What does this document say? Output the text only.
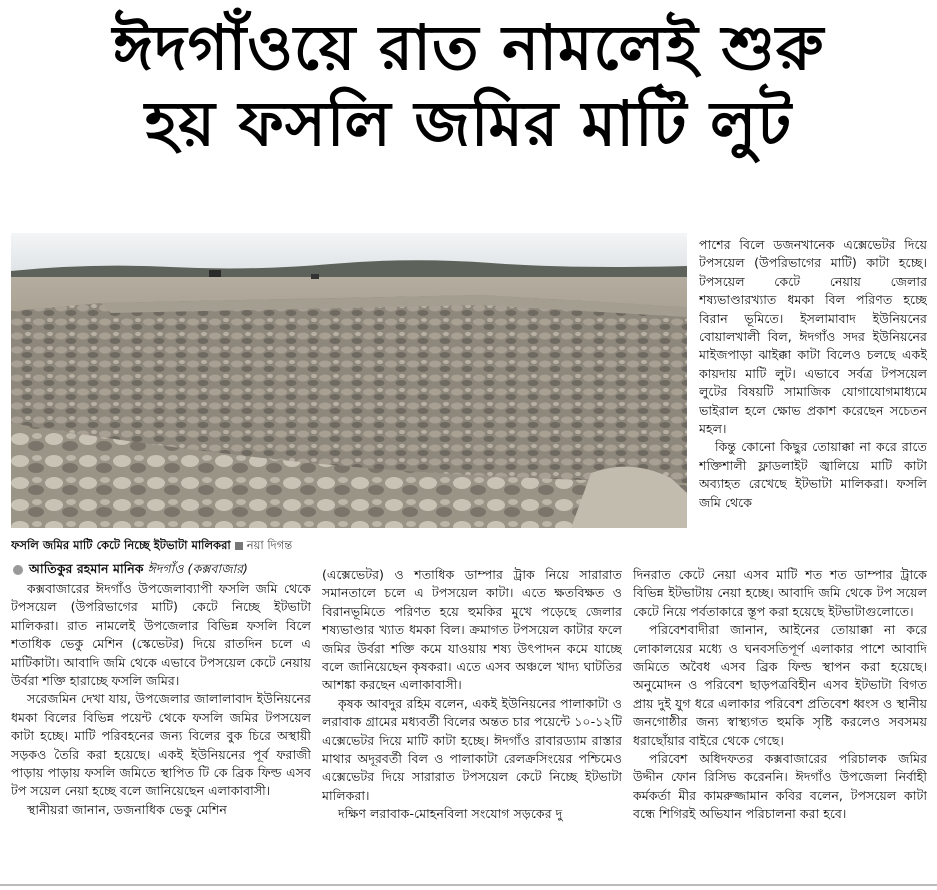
ঈদগাঁওয়ে রাত নামলেই শুরু
হয় ফসলি জমির মাটি লুট
ফসলি জমির মাটি কেটে নিচ্ছে ইটভাটা মালিকরা নয়া দিগন্ত

পাশের বিলে ডজনখানেক এক্সেভেটর দিয়ে টপসয়েল (উপরিভাগের মাটি) কাটা হচ্ছে। টপসয়েল কেটে নেয়ায় জেলার শষ্যভাণ্ডারখ্যাত ধমকা বিল পরিণত হচ্ছে বিরান ভূমিতে। ইসলামাবাদ ইউনিয়নের বোয়ালখালী বিল, ঈদগাঁও সদর ইউনিয়নের মাইজপাড়া ঝাইক্কা কাটা বিলেও চলছে একই কায়দায় মাটি লুট। এভাবে সর্বত্র টপসয়েল লুটের বিষয়টি সামাজিক যোগাযোগমাধ্যমে ভাইরাল হলে ক্ষোভ প্রকাশ করেছেন সচেতন মহল।

কিন্তু কোনো কিছুর তোয়াক্কা না করে রাতে শক্তিশালী ফ্লাডলাইট জ্বালিয়ে মাটি কাটা অব্যাহত রেখেছে ইটভাটা মালিকরা। ফসলি জমি থেকে

আতিকুর রহমান মানিক ঈদগাঁও (কক্সবাজার)

কক্সবাজারের ঈদগাঁও উপজেলাব্যাপী ফসলি জমি থেকে টপসয়েল (উপরিভাগের মাটি) কেটে নিচ্ছে ইটভাটা মালিকরা। রাত নামলেই উপজেলার বিভিন্ন ফসলি বিলে শতাধিক ভেকু মেশিন (স্কেভেটর) দিয়ে রাতদিন চলে এ মাটিকাটা। আবাদি জমি থেকে এভাবে টপসয়েল কেটে নেয়ায় উর্বরা শক্তি হারাচ্ছে ফসলি জমির।

সরেজমিন দেখা যায়, উপজেলার জালালাবাদ ইউনিয়নের ধমকা বিলের বিভিন্ন পয়েন্ট থেকে ফসলি জমির টপসয়েল কাটা হচ্ছে। মাটি পরিবহনের জন্য বিলের বুক চিরে অস্থায়ী সড়কও তৈরি করা হয়েছে। একই ইউনিয়নের পূর্ব ফরাজী পাড়ায় পাড়ায় ফসলি জমিতে স্থাপিত টি কে ব্রিক ফিল্ড এসব টপ সয়েল নেয়া হচ্ছে বলে জানিয়েছেন এলাকাবাসী।

স্থানীয়রা জানান, ডজনাধিক ভেকু মেশিন

(এক্সেভেটর) ও শতাধিক ডাম্পার ট্রাক নিয়ে সারারাত সমানতালে চলে এ টপসয়েল কাটা। এতে ক্ষতবিক্ষত ও বিরানভূমিতে পরিণত হয়ে হুমকির মুখে পড়েছে জেলার শষ্যভাণ্ডার খ্যাত ধমকা বিল। ক্রমাগত টপসয়েল কাটার ফলে জমির উর্বরা শক্তি কমে যাওয়ায় শষ্য উৎপাদন কমে যাচ্ছে বলে জানিয়েছেন কৃষকরা। এতে এসব অঞ্চলে খাদ্য ঘাটতির আশঙ্কা করছেন এলাকাবাসী।

কৃষক আবদুর রহিম বলেন, একই ইউনিয়নের পালাকাটা ও লরাবাক গ্রামের মধ্যবর্তী বিলের অন্তত চার পয়েন্টে ১০-১২টি এক্সেভেটর দিয়ে মাটি কাটা হচ্ছে। ঈদগাঁও রাবারড্যাম রাস্তার মাথার অদূরবর্তী বিল ও পালাকাটা রেলক্রসিংয়ের পশ্চিমেও এক্সেভেটর দিয়ে সারারাত টপসয়েল কেটে নিচ্ছে ইটভাটা মালিকরা।

দক্ষিণ লরাবাক-মোহনবিলা সংযোগ সড়কের দু

দিনরাত কেটে নেয়া এসব মাটি শত শত ডাম্পার ট্রাকে বিভিন্ন ইটভাটায় নেয়া হচ্ছে। আবাদি জমি থেকে টপ সয়েল কেটে নিয়ে পর্বতাকারে স্তূপ করা হয়েছে ইটভাটাগুলোতে।

পরিবেশবাদীরা জানান, আইনের তোয়াক্কা না করে লোকালয়ের মধ্যে ও ঘনবসতিপূর্ণ এলাকার পাশে আবাদি জমিতে অবৈধ এসব ব্রিক ফিল্ড স্থাপন করা হয়েছে। অনুমোদন ও পরিবেশ ছাড়পত্রবিহীন এসব ইটভাটা বিগত প্রায় দুই যুগ ধরে এলাকার পরিবেশ প্রতিবেশ ধ্বংস ও স্থানীয় জনগোষ্ঠীর জন্য স্বাস্থ্যগত হুমকি সৃষ্টি করলেও সবসময় ধরাছোঁয়ার বাইরে থেকে গেছে।

পরিবেশ অধিদফতর কক্সবাজারের পরিচালক জমির উদ্দীন ফোন রিসিভ করেননি। ঈদগাঁও উপজেলা নির্বাহী কর্মকর্তা মীর কামরুজ্জামান কবির বলেন, টপসয়েল কাটা বন্ধে শিগিরই অভিযান পরিচালনা করা হবে।
